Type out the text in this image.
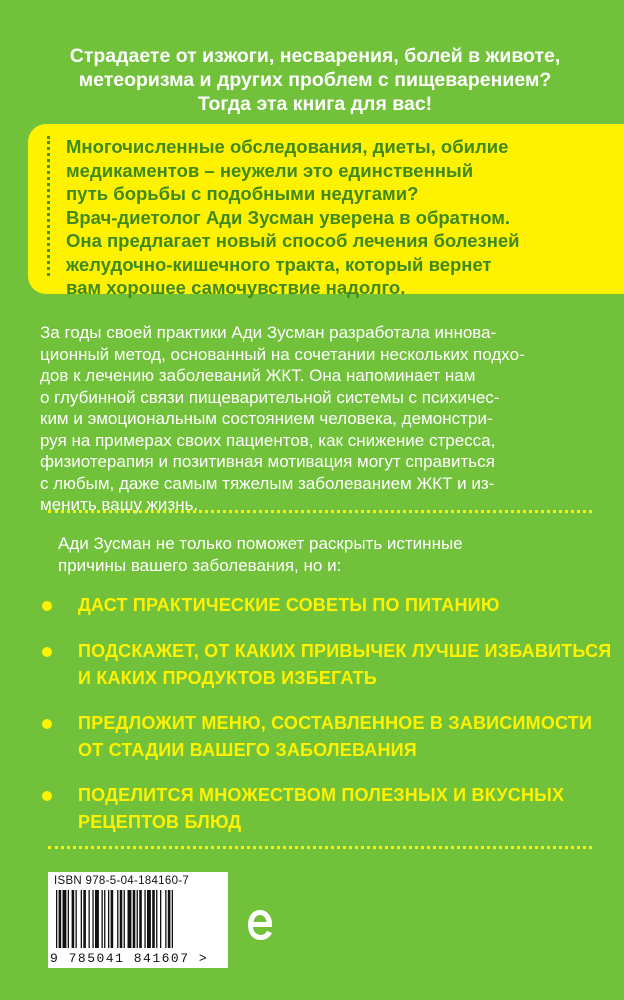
Страдаете от изжоги, несварения, болей в животе,
метеоризма и других проблем с пищеварением?
Тогда эта книга для вас!
Многочисленные обследования, диеты, обилие
медикаментов – неужели это единственный
путь борьбы с подобными недугами?
Врач-диетолог Ади Зусман уверена в обратном.
Она предлагает новый способ лечения болезней
желудочно-кишечного тракта, который вернет
вам хорошее самочувствие надолго.
За годы своей практики Ади Зусман разработала иннова-
ционный метод, основанный на сочетании нескольких подхо-
дов к лечению заболеваний ЖКТ. Она напоминает нам
о глубинной связи пищеварительной системы с психичес-
ким и эмоциональным состоянием человека, демонстри-
руя на примерах своих пациентов, как снижение стресса,
физиотерапия и позитивная мотивация могут справиться
с любым, даже самым тяжелым заболеванием ЖКТ и из-
менить вашу жизнь.
Ади Зусман не только поможет раскрыть истинные
причины вашего заболевания, но и:
ДАСТ ПРАКТИЧЕСКИЕ СОВЕТЫ ПО ПИТАНИЮ
ПОДСКАЖЕТ, ОТ КАКИХ ПРИВЫЧЕК ЛУЧШЕ ИЗБАВИТЬСЯ
И КАКИХ ПРОДУКТОВ ИЗБЕГАТЬ
ПРЕДЛОЖИТ МЕНЮ, СОСТАВЛЕННОЕ В ЗАВИСИМОСТИ
ОТ СТАДИИ ВАШЕГО ЗАБОЛЕВАНИЯ
ПОДЕЛИТСЯ МНОЖЕСТВОМ ПОЛЕЗНЫХ И ВКУСНЫХ
РЕЦЕПТОВ БЛЮД
ISBN 978-5-04-184160-7
9 785041 841607 >
